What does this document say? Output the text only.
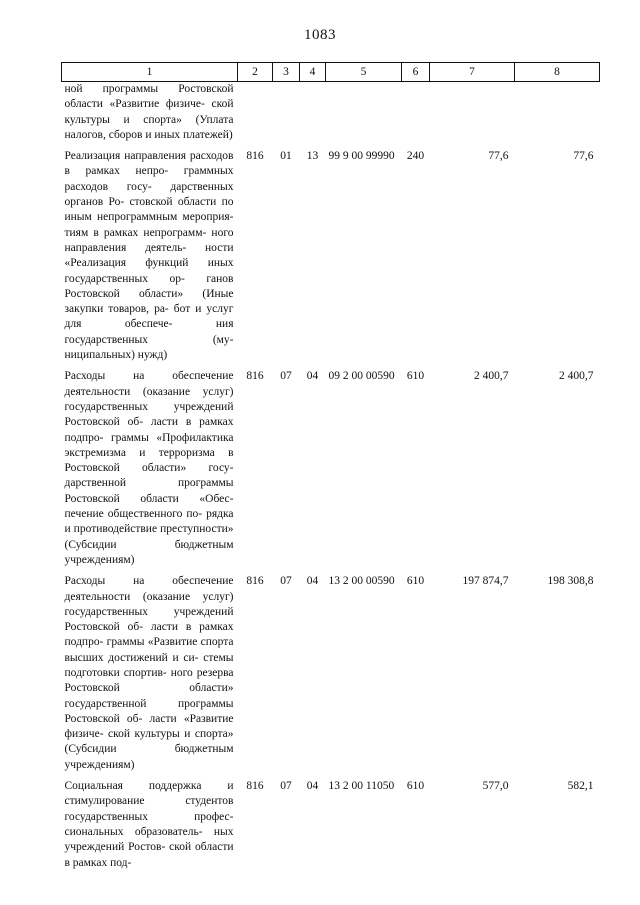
1083
1	2	3	4	5	6	7	8
ной программы Ростовской области «Развитие физиче- ской культуры и спорта» (Уплата налогов, сборов и иных платежей)							

Реализация направления расходов в рамках непро- граммных расходов госу- дарственных органов Ро- стовской области по иным непрограммным мероприя- тиям в рамках непрограмм- ного направления деятель- ности «Реализация функций иных государственных ор- ганов Ростовской области» (Иные закупки товаров, ра- бот и услуг для обеспече- ния государственных (му- ниципальных) нужд)	816	01	13	99 9 00 99990	240	77,6	77,6

Расходы на обеспечение деятельности (оказание услуг) государственных учреждений Ростовской об- ласти в рамках подпро- граммы «Профилактика экстремизма и терроризма в Ростовской области» госу- дарственной программы Ростовской области «Обес- печение общественного по- рядка и противодействие преступности» (Субсидии бюджетным учреждениям)	816	07	04	09 2 00 00590	610	2 400,7	2 400,7

Расходы на обеспечение деятельности (оказание услуг) государственных учреждений Ростовской об- ласти в рамках подпро- граммы «Развитие спорта высших достижений и си- стемы подготовки спортив- ного резерва Ростовской области» государственной программы Ростовской об- ласти «Развитие физиче- ской культуры и спорта» (Субсидии бюджетным учреждениям)	816	07	04	13 2 00 00590	610	197 874,7	198 308,8

Социальная поддержка и стимулирование студентов государственных профес- сиональных образователь- ных учреждений Ростов- ской области в рамках под-	816	07	04	13 2 00 11050	610	577,0	582,1
